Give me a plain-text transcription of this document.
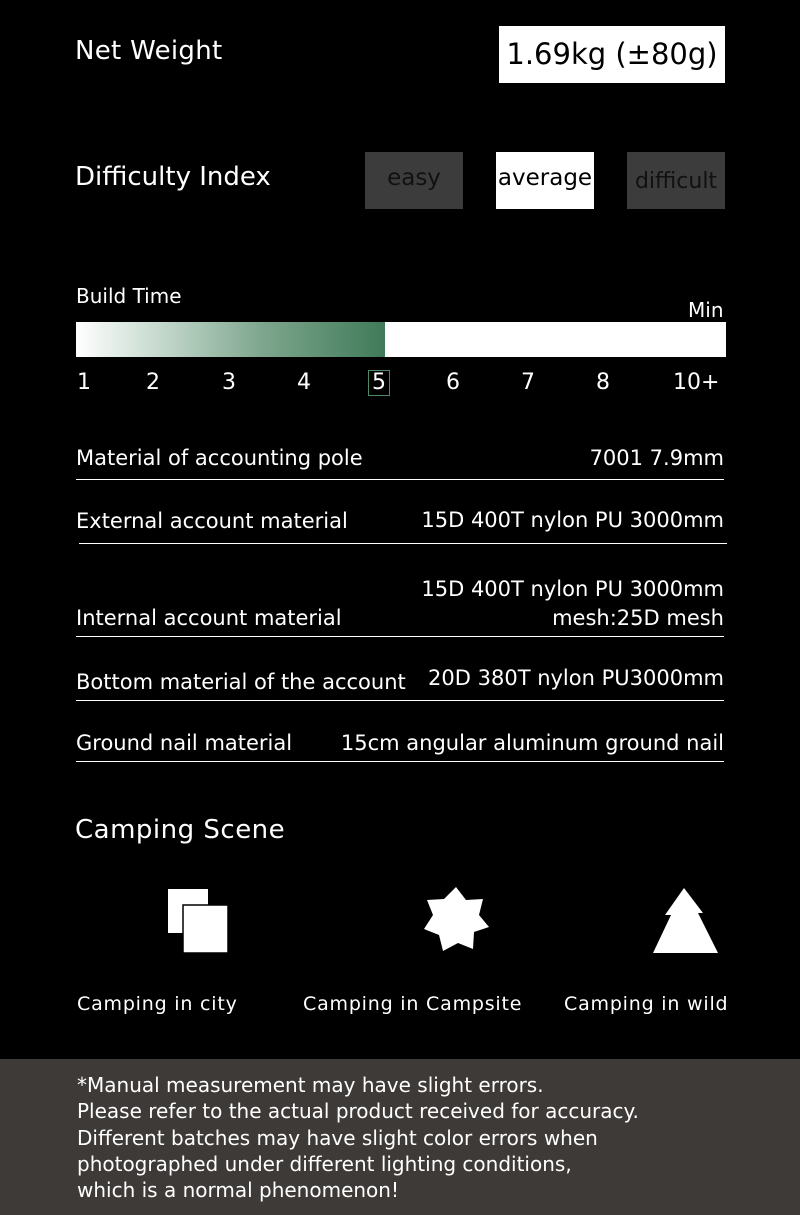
Net Weight	1.69kg (±80g)
Difficulty Index	easy	average	difficult
Build Time
Min
1	2	3	4	5	6	7	8	10+
Material of accounting pole	7001 7.9mm
External account material	15D 400T nylon PU 3000mm
Internal account material
15D 400T nylon PU 3000mm
mesh:25D mesh
Bottom material of the account 20D 380T nylon PU3000mm
Ground nail material 15cm angular aluminum ground nail
Camping Scene
Camping in city	Camping in Campsite Camping in wild
*Manual measurement may have slight errors.
Please refer to the actual product received for accuracy.
Different batches may have slight color errors when
photographed under different lighting conditions,
which is a normal phenomenon!
